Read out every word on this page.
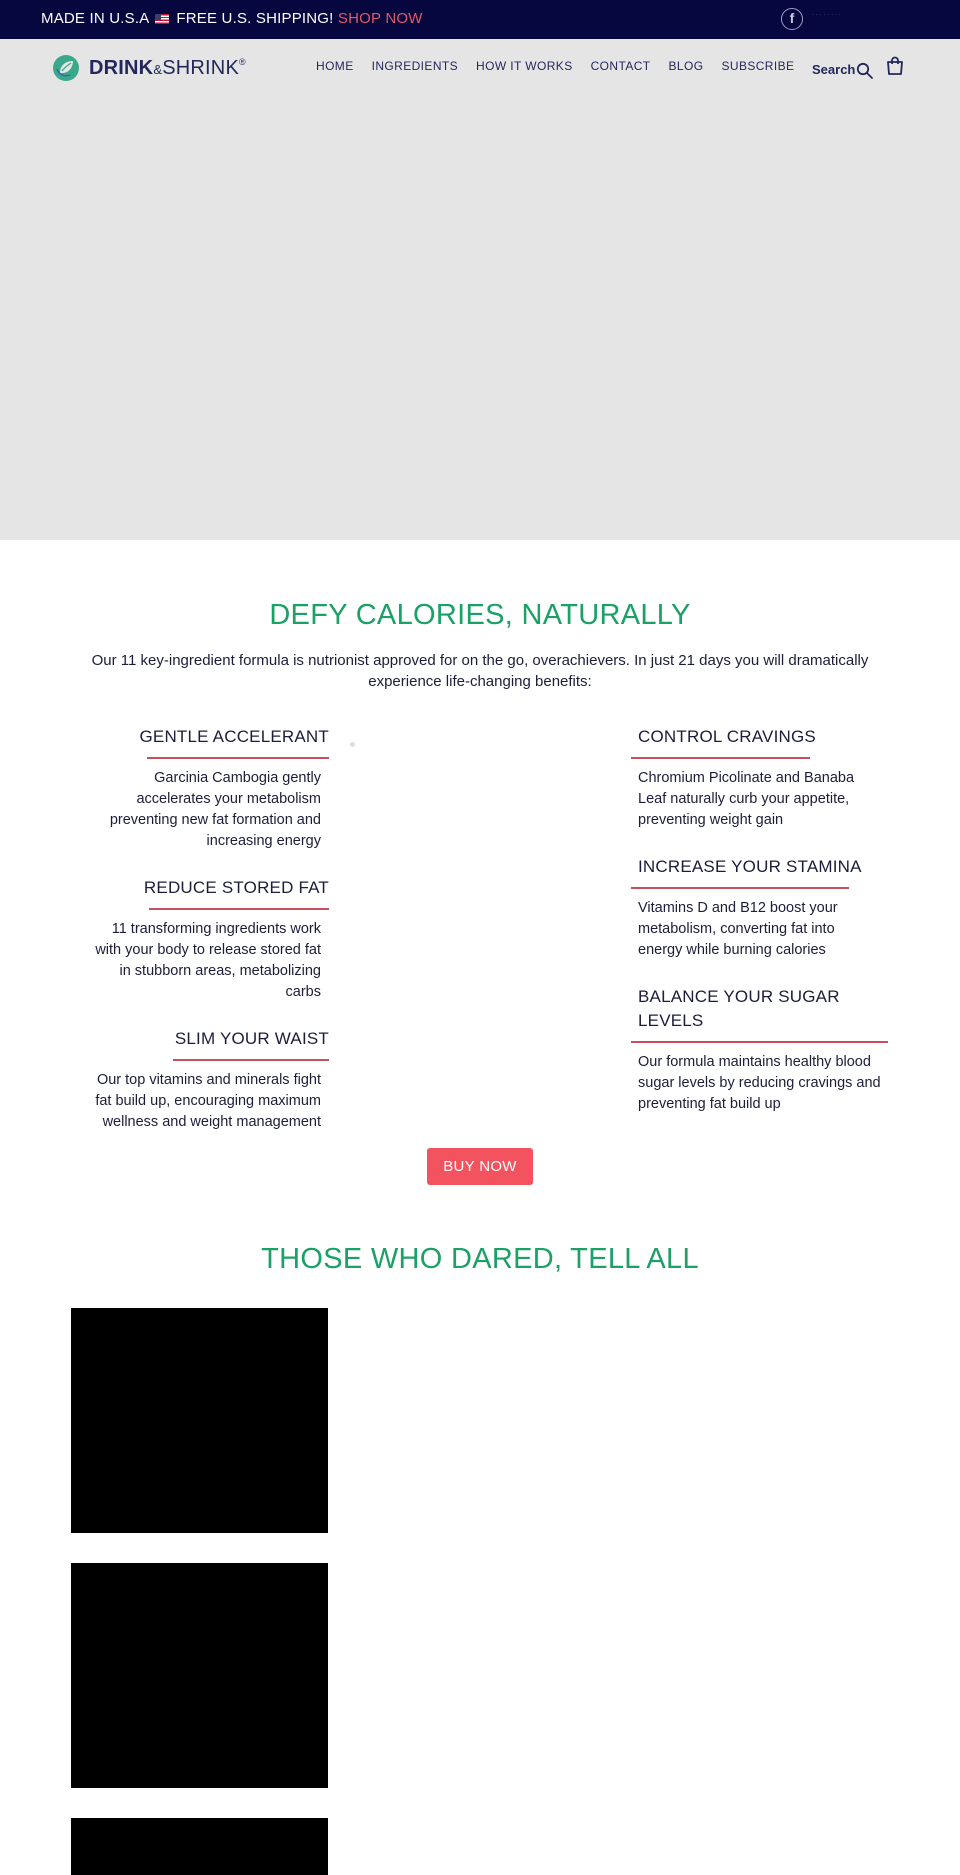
MADE IN U.S.A FREE U.S. SHIPPING! SHOP NOW	f	· · · · · · · ·
DRINK&SHRINK®	HOME INGREDIENTS HOW IT WORKS CONTACT BLOG SUBSCRIBE Search
DEFY CALORIES, NATURALLY

Our 11 key-ingredient formula is nutrionist approved for on the go, overachievers. In just 21 days you will dramatically experience life-changing benefits:

GENTLE ACCELERANT

Garcinia Cambogia gently accelerates your metabolism preventing new fat formation and increasing energy

REDUCE STORED FAT

11 transforming ingredients work with your body to release stored fat in stubborn areas, metabolizing carbs

SLIM YOUR WAIST

Our top vitamins and minerals fight fat build up, encouraging maximum wellness and weight management

CONTROL CRAVINGS

Chromium Picolinate and Banaba Leaf naturally curb your appetite, preventing weight gain

INCREASE YOUR STAMINA

Vitamins D and B12 boost your metabolism, converting fat into energy while burning calories

BALANCE YOUR SUGAR LEVELS

Our formula maintains healthy blood sugar levels by reducing cravings and preventing fat build up

BUY NOW
THOSE WHO DARED, TELL ALL
